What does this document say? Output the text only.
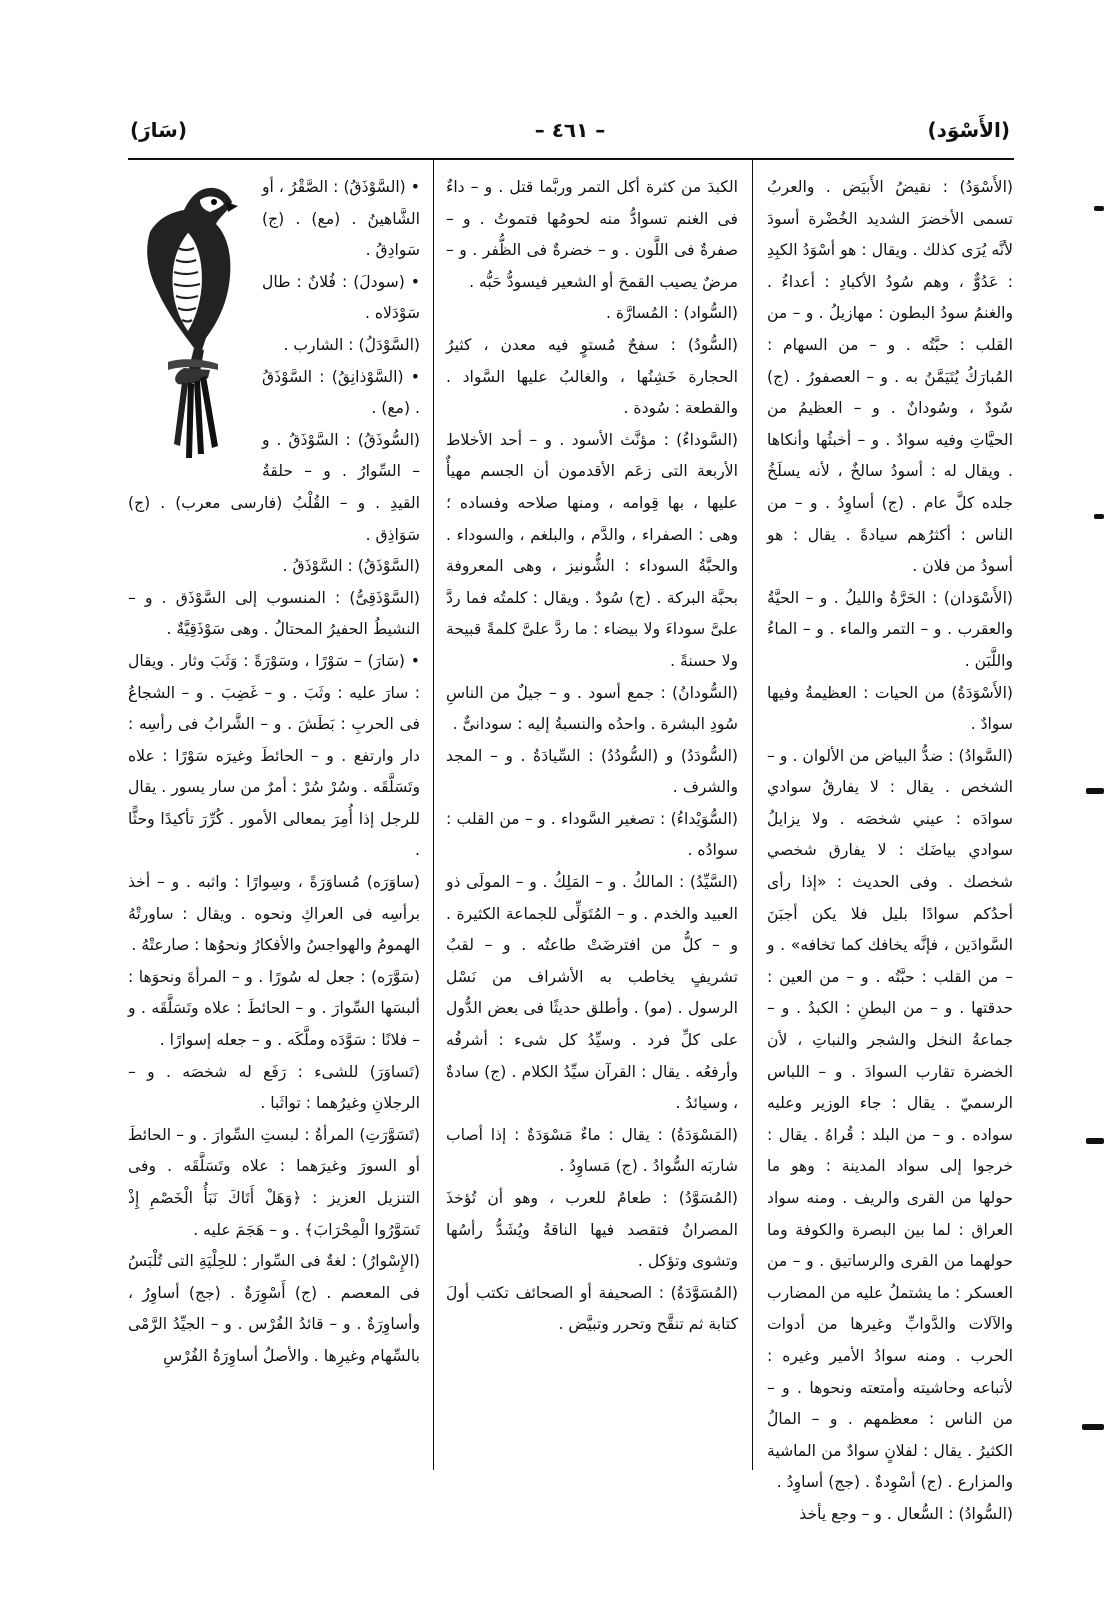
(الأَسْوَد)
– ٤٦١ –
(سَارَ)

(الأَسْوَدُ) : نقيضُ الأَبيَض . والعربُ تسمى الأخضرَ الشديد الخُضْرة أسودَ لأنَّه يُرَى كذلك . ويقال : هو أسْوَدُ الكبِدِ : عَدُوٌّ ، وهم سُودُ الأكبادِ : أعداءُ . والغنمُ سودُ البطون : مهازيلُ . و – من القلب : حبَّتُه . و – من السهام : المُبارَكُ يُتَيَمَّنُ به . و – العصفورُ . (ج) سُودٌ ، وسُودانٌ . و – العظيمُ من الحيَّاتِ وفيه سوادٌ . و – أخبثُها وأنكاها . ويقال له : أسودُ سالخٌ ، لأنه يسلَخُ جلده كلَّ عام . (ج) أساوِدُ . و – من الناس : أكثرُهم سيادةً . يقال : هو أسودُ من فلان .

(الأَسْوَدان) : الحَرَّةُ والليلُ . و – الحيَّةُ والعقرب . و – التمر والماء . و – الماءُ واللَّبَن .

(الأَسْوَدَةُ) من الحيات : العظيمةُ وفيها سوادٌ .

(السَّوادُ) : ضدُّ البياض من الألوان . و – الشخص . يقال : لا يفارقُ سوادي سوادَه : عيني شخصَه . ولا يزايلُ سوادي بياضَك : لا يفارق شخصي شخصك . وفى الحديث : «إذا رأى أحدُكم سوادًا بليل فلا يكن أجبَنَ السَّوادَين ، فإنَّه يخافك كما تخافه» . و – من القلب : حبَّتُه . و – من العين : حدقتها . و – من البطنِ : الكبدُ . و – جماعةُ النخل والشجر والنباتِ ، لأن الخضرة تقارب السوادَ . و – اللباس الرسميّ . يقال : جاء الوزير وعليه سواده . و – من البلد : قُراهُ . يقال : خرجوا إلى سواد المدينة : وهو ما حولها من القرى والريف . ومنه سواد العراق : لما بين البصرة والكوفة وما حولهما من القرى والرساتيق . و – من العسكر : ما يشتملُ عليه من المضارب والآلات والدَّوابِّ وغيرها من أدوات الحرب . ومنه سوادُ الأمير وغيره : لأتباعه وحاشيته وأمتعته ونحوها . و – من الناس : معظمهم . و – المالُ الكثيرُ . يقال : لفلانٍ سوادٌ من الماشية والمزارع . (ج) أسْوِدةٌ . (جج) أساوِدُ .

(السُّوادُ) : السُّعال . و – وجع يأخذ

الكبدَ من كثرة أكل التمر وربَّما قتل . و – داءٌ فى الغنم تسوادُّ منه لحومُها فتموتُ . و – صفرةٌ فى اللَّون . و – خضرةٌ فى الظُّفر . و – مرضٌ يصيب القمحَ أو الشعير فيسودُّ حَبُّه .

(السُّواد) : المُسارَّة .

(السُّودُ) : سفحٌ مُستوٍ فيه معدن ، كثيرُ الحجارة خَشِنُها ، والغالبُ عليها السَّواد . والقطعة : سُودة .

(السَّوداءُ) : مؤنَّث الأسود . و – أحد الأخلاط الأربعة التى زعَم الأقدمون أن الجسم مهيأٌ عليها ، بها قِوامه ، ومنها صلاحه وفساده ؛ وهى : الصفراء ، والدَّم ، والبلغم ، والسوداء . والحبَّةُ السوداء : الشُّونيز ، وهى المعروفة بحبَّة البركة . (ج) سُودٌ . ويقال : كلمتُه فما ردَّ علىَّ سوداءَ ولا بيضاء : ما ردَّ علىَّ كلمةً قبيحة ولا حسنةً .

(السُّودانُ) : جمع أسود . و – جيلٌ من الناسِ سُودِ البشرة . واحدُه والنسبةُ إليه : سودانىٌّ .

(السُّودَدُ) و (السُّودُدُ) : السِّيادَةُ . و – المجد والشرف .

(السُّوَيْداءُ) : تصغير السَّوداء . و – من القلب : سوادُه .

(السَّيِّدُ) : المالكُ . و – المَلِكُ . و – المولَى ذو العبيد والخدم . و – المُتَوَلِّى للجماعة الكثيرة . و – كلُّ من افترضَتْ طاعتُه . و – لقبُ تشريفٍ يخاطب به الأشراف من نَسْل الرسول . (مو) . وأطلق حديثًا فى بعض الدُّول على كلِّ فرد . وسيِّدُ كل شىء : أشرفُه وأرفعُه . يقال : القرآن سيِّدُ الكلام . (ج) سادةٌ ، وسيائدُ .

(المَسْوَدَةُ) : يقال : ماءٌ مَسْوَدَةٌ : إذا أصاب شاربَه السُّوادُ . (ج) مَساوِدُ .

(المُسَوَّدُ) : طعامٌ للعرب ، وهو أن تُؤخذَ المصرانُ فتقصد فيها الناقةُ ويُشَدُّ رأسُها وتشوى وتؤكل .

(المُسَوَّدَةُ) : الصحيفة أو الصحائف تكتب أولَ كتابة ثم تنقَّح وتحرر وتبيَّض .

• (السَّوْذَقُ) : الصَّقْرُ ، أو الشَّاهينُ . (مع) . (ج) سَوادِقُ .

• (سودلَ) : فُلانٌ : طال سَوْدَلاه .

(السَّوْدَلُ) : الشارب .

• (السَّوْذانِقُ) : السَّوْذَقُ . (مع) .

(السُّوذَقُ) : السَّوْذَقُ . و – السِّوارُ . و – حلقةُ القيدِ . و – القُلْبُ (فارسى معرب) . (ج) سَوَاذِق .

(السَّوْذَقُ) : السَّوْذَقُ .

(السَّوْذَقِىُّ) : المنسوب إلى السَّوْذَق . و – النشيطُ الحفيرُ المحتالُ . وهى سَوْذَقِيَّةٌ .

• (سَارَ) – سَوْرًا ، وسَوْرَةً : وَثَبَ وثار . ويقال : سارَ عليه : وثَبَ . و – غَضِبَ . و – الشجاعُ فى الحربِ : بَطَشَ . و – الشَّرابُ فى رأسِه : دار وارتفع . و – الحائطَ وغيرَه سَوْرًا : علاه وتَسَلَّقَه . وسُرْ سُرْ : أمرٌ من سار يسور . يقال للرجل إذا أُمِرَ بمعالى الأمور . كُرِّرَ تأكيدًا وحثًّا .

(ساوَرَه) مُساوَرَةً ، وسِوارًا : واثبه . و – أخذ برأسِه فى العراكِ ونحوه . ويقال : ساورتْهُ الهمومُ والهواجسُ والأفكارُ ونحوُها : صارعتْهُ .

(سَوَّرَه) : جعل له سُورًا . و – المرأةَ ونحوَها : ألبسَها السِّوارَ . و – الحائطَ : علاه وتَسَلَّقَه . و – فلانًا : سَوَّدَه وملَّكَه . و – جعله إسوارًا .

(تَساوَرَ) للشىء : رَفَع له شخصَه . و – الرجلانِ وغيرُهما : تواثَبا .

(تَسَوَّرَتِ) المرأةُ : لبستِ السِّوارَ . و – الحائطَ أو السورَ وغيرَهما : علاه وتَسَلَّقَه . وفى التنزيل العزيز : ﴿وَهَلْ أَتَاكَ نَبَأُ الْخَصْمِ إِذْ تَسَوَّرُوا الْمِحْرَابَ﴾ . و – هَجَمَ عليه .

(الإِسْوارُ) : لغةٌ فى السِّوار : للحِلْيَةِ التى تُلْبَسُ فى المعصم . (ج) أَسْوِرَةٌ . (جج) أساوِرُ ، وأساوِرَةٌ . و – قائدُ الفُرْس . و – الجيِّدُ الرَّمْى بالسِّهام وغيرِها . والأصلُ أساوِرَةُ الفُرْسِ
